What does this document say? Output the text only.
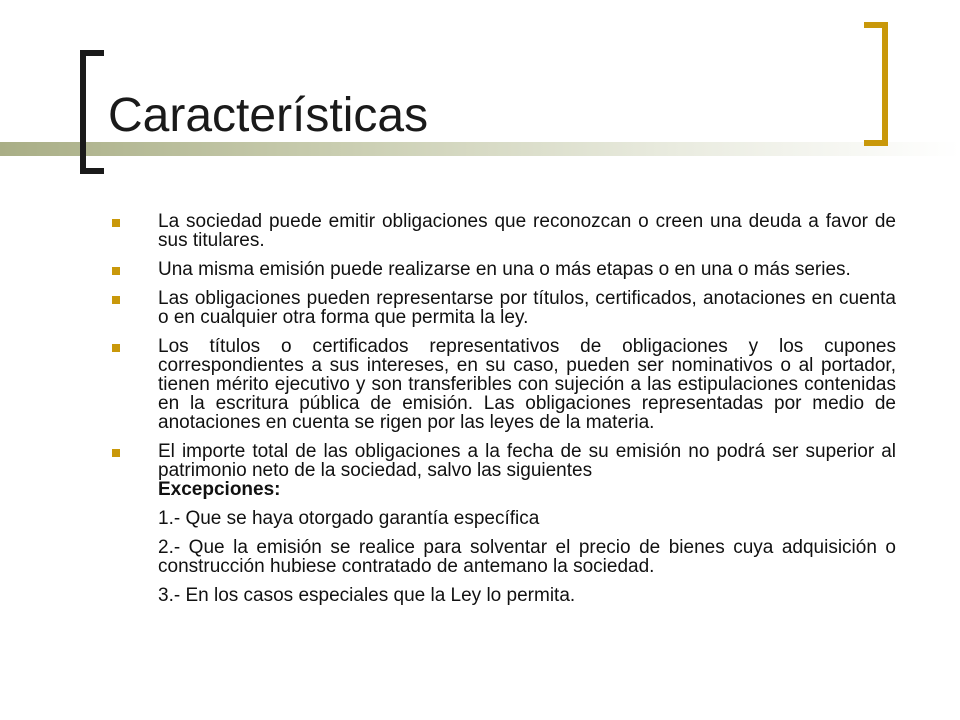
Características

La sociedad puede emitir obligaciones que reconozcan o creen una deuda a favor de sus titulares.

Una misma emisión puede realizarse en una o más etapas o en una o más series.

Las obligaciones pueden representarse por títulos, certificados, anotaciones en cuenta o en cualquier otra forma que permita la ley.

Los títulos o certificados representativos de obligaciones y los cupones correspondientes a sus intereses, en su caso, pueden ser nominativos o al portador, tienen mérito ejecutivo y son transferibles con sujeción a las estipulaciones contenidas en la escritura pública de emisión. Las obligaciones representadas por medio de anotaciones en cuenta se rigen por las leyes de la materia.

El importe total de las obligaciones a la fecha de su emisión no podrá ser superior al patrimonio neto de la sociedad, salvo las siguientes
Excepciones:

1.- Que se haya otorgado garantía específica
2.- Que la emisión se realice para solventar el precio de bienes cuya adquisición o construcción hubiese contratado de antemano la sociedad.
3.- En los casos especiales que la Ley lo permita.
